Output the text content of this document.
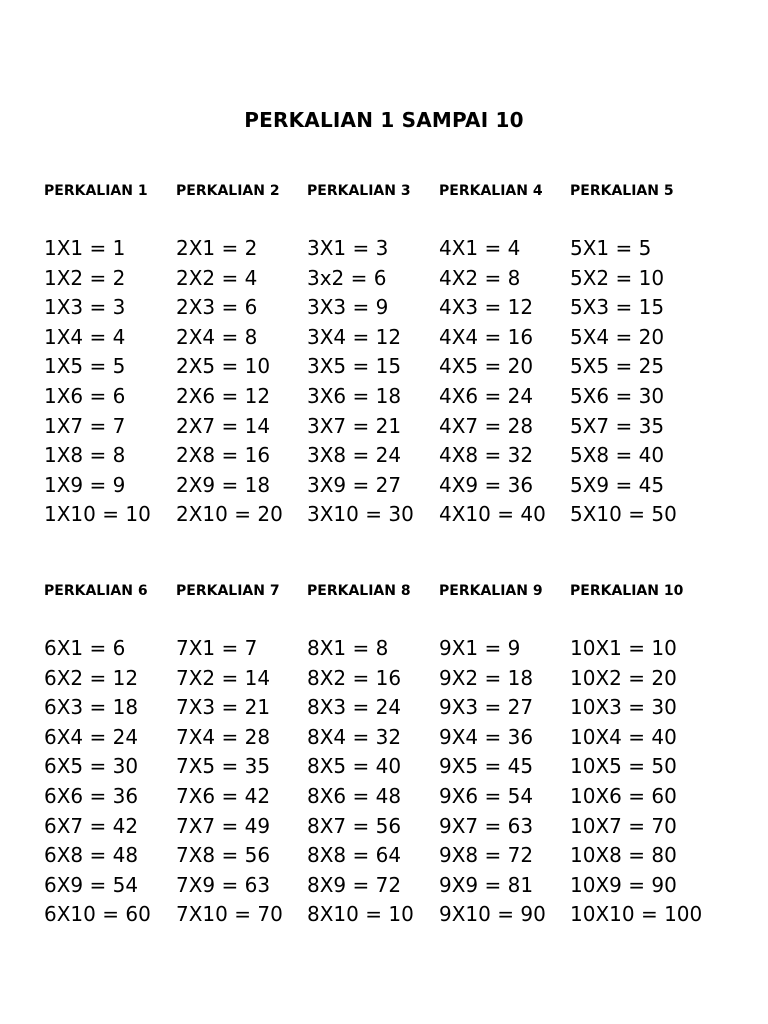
PERKALIAN 1 SAMPAI 10
PERKALIAN 1
1X1 = 1
1X2 = 2
1X3 = 3
1X4 = 4
1X5 = 5
1X6 = 6
1X7 = 7
1X8 = 8
1X9 = 9
1X10 = 10
PERKALIAN 2
2X1 = 2
2X2 = 4
2X3 = 6
2X4 = 8
2X5 = 10
2X6 = 12
2X7 = 14
2X8 = 16
2X9 = 18
2X10 = 20
PERKALIAN 3
3X1 = 3
3x2 = 6
3X3 = 9
3X4 = 12
3X5 = 15
3X6 = 18
3X7 = 21
3X8 = 24
3X9 = 27
3X10 = 30
PERKALIAN 4
4X1 = 4
4X2 = 8
4X3 = 12
4X4 = 16
4X5 = 20
4X6 = 24
4X7 = 28
4X8 = 32
4X9 = 36
4X10 = 40
PERKALIAN 5
5X1 = 5
5X2 = 10
5X3 = 15
5X4 = 20
5X5 = 25
5X6 = 30
5X7 = 35
5X8 = 40
5X9 = 45
5X10 = 50
PERKALIAN 6
6X1 = 6
6X2 = 12
6X3 = 18
6X4 = 24
6X5 = 30
6X6 = 36
6X7 = 42
6X8 = 48
6X9 = 54
6X10 = 60
PERKALIAN 7
7X1 = 7
7X2 = 14
7X3 = 21
7X4 = 28
7X5 = 35
7X6 = 42
7X7 = 49
7X8 = 56
7X9 = 63
7X10 = 70
PERKALIAN 8
8X1 = 8
8X2 = 16
8X3 = 24
8X4 = 32
8X5 = 40
8X6 = 48
8X7 = 56
8X8 = 64
8X9 = 72
8X10 = 10
PERKALIAN 9
9X1 = 9
9X2 = 18
9X3 = 27
9X4 = 36
9X5 = 45
9X6 = 54
9X7 = 63
9X8 = 72
9X9 = 81
9X10 = 90
PERKALIAN 10
10X1 = 10
10X2 = 20
10X3 = 30
10X4 = 40
10X5 = 50
10X6 = 60
10X7 = 70
10X8 = 80
10X9 = 90
10X10 = 100
